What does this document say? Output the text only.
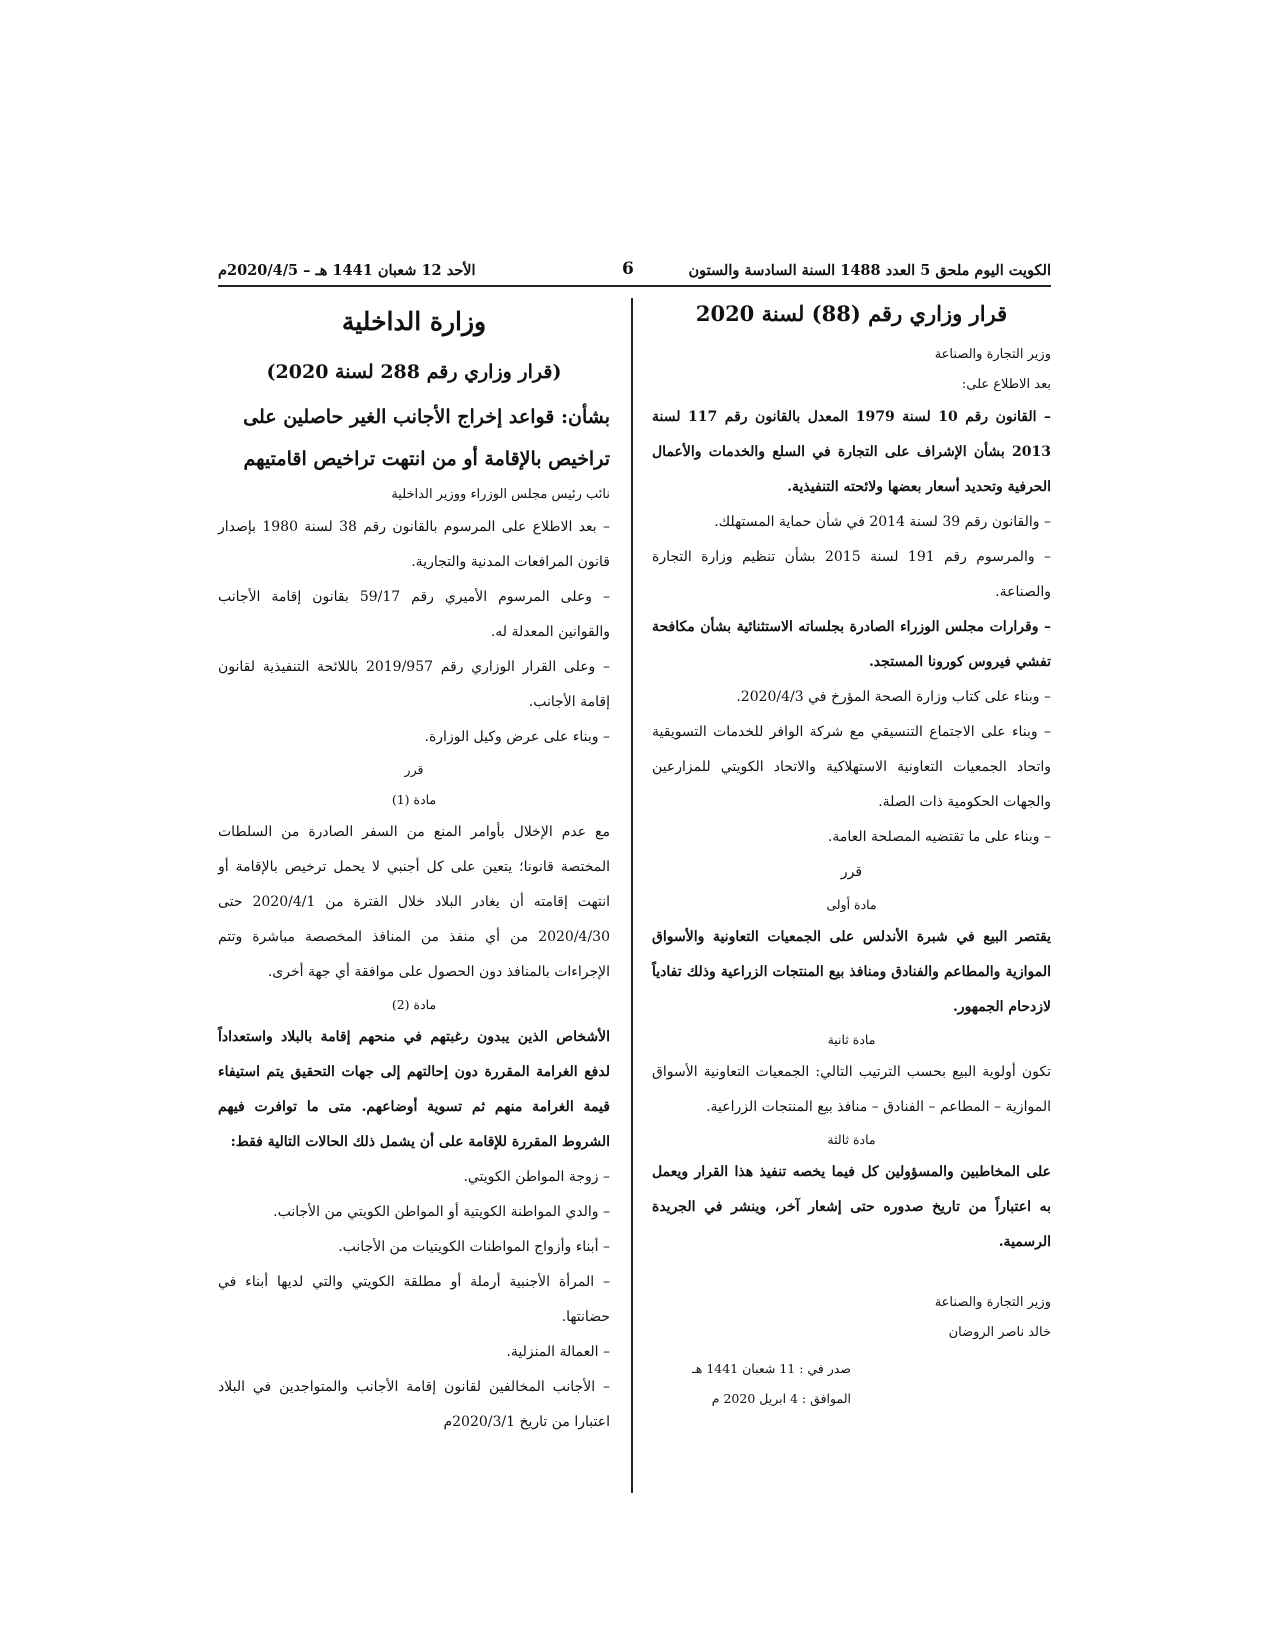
الكويت اليوم ملحق 5 العدد 1488 السنة السادسة والستون
6
الأحد 12 شعبان 1441 هـ – 2020/4/5م

قرار وزاري رقم (88) لسنة 2020

وزير التجارة والصناعة

بعد الاطلاع على:

– القانون رقم 10 لسنة 1979 المعدل بالقانون رقم 117 لسنة 2013 بشأن الإشراف على التجارة في السلع والخدمات والأعمال الحرفية وتحديد أسعار بعضها ولائحته التنفيذية.

– والقانون رقم 39 لسنة 2014 في شأن حماية المستهلك.

– والمرسوم رقم 191 لسنة 2015 بشأن تنظيم وزارة التجارة والصناعة.

– وقرارات مجلس الوزراء الصادرة بجلساته الاستثنائية بشأن مكافحة تفشي فيروس كورونا المستجد.

– وبناء على كتاب وزارة الصحة المؤرخ في 2020/4/3.

– وبناء على الاجتماع التنسيقي مع شركة الوافر للخدمات التسويقية واتحاد الجمعيات التعاونية الاستهلاكية والاتحاد الكويتي للمزارعين والجهات الحكومية ذات الصلة.

– وبناء على ما تقتضيه المصلحة العامة.

قرر

مادة أولى

يقتصر البيع في شبرة الأندلس على الجمعيات التعاونية والأسواق الموازية والمطاعم والفنادق ومنافذ بيع المنتجات الزراعية وذلك تفادياً لازدحام الجمهور.

مادة ثانية

تكون أولوية البيع بحسب الترتيب التالي: الجمعيات التعاونية الأسواق الموازية – المطاعم – الفنادق – منافذ بيع المنتجات الزراعية.

مادة ثالثة

على المخاطبين والمسؤولين كل فيما يخصه تنفيذ هذا القرار ويعمل به اعتباراً من تاريخ صدوره حتى إشعار آخر، وينشر في الجريدة الرسمية.

وزير التجارة والصناعة

خالد ناصر الروضان

صدر في : 11 شعبان 1441 هـ

الموافق : 4 ابريل 2020 م

وزارة الداخلية

(قرار وزاري رقم 288 لسنة 2020)

بشأن: قواعد إخراج الأجانب الغير حاصلين على

تراخيص بالإقامة أو من انتهت تراخيص اقامتيهم

نائب رئيس مجلس الوزراء ووزير الداخلية

– بعد الاطلاع على المرسوم بالقانون رقم 38 لسنة 1980 بإصدار قانون المرافعات المدنية والتجارية.

– وعلى المرسوم الأميري رقم 59/17 بقانون إقامة الأجانب والقوانين المعدلة له.

– وعلى القرار الوزاري رقم 2019/957 باللائحة التنفيذية لقانون إقامة الأجانب.

– وبناء على عرض وكيل الوزارة.

قرر

مادة (1)

مع عدم الإخلال بأوامر المنع من السفر الصادرة من السلطات المختصة قانونا؛ يتعين على كل أجنبي لا يحمل ترخيص بالإقامة أو انتهت إقامته أن يغادر البلاد خلال الفترة من 2020/4/1 حتى 2020/4/30 من أي منفذ من المنافذ المخصصة مباشرة وتتم الإجراءات بالمنافذ دون الحصول على موافقة أي جهة أخرى.

مادة (2)

الأشخاص الذين يبدون رغبتهم في منحهم إقامة بالبلاد واستعداداً لدفع الغرامة المقررة دون إحالتهم إلى جهات التحقيق يتم استيفاء قيمة الغرامة منهم ثم تسوية أوضاعهم. متى ما توافرت فيهم الشروط المقررة للإقامة على أن يشمل ذلك الحالات التالية فقط:

– زوجة المواطن الكويتي.

– والدي المواطنة الكويتية أو المواطن الكويتي من الأجانب.

– أبناء وأزواج المواطنات الكويتيات من الأجانب.

– المرأة الأجنبية أرملة أو مطلقة الكويتي والتي لديها أبناء في حضانتها.

– العمالة المنزلية.

– الأجانب المخالفين لقانون إقامة الأجانب والمتواجدين في البلاد اعتبارا من تاريخ 2020/3/1م
